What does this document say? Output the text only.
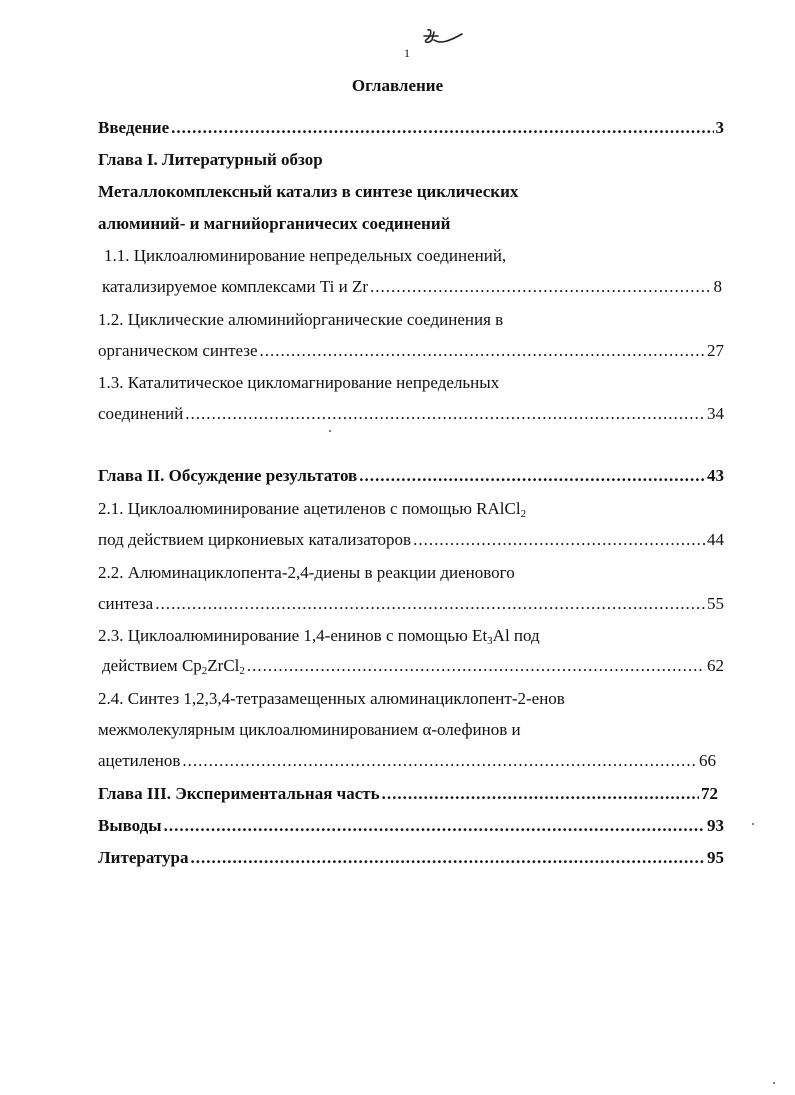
1
Оглавление
Введение .....	3
Глава I. Литературный обзор
Металлокомплексный катализ в синтезе циклических
алюминий- и магнийорганичесих соединений
1.1. Циклоалюминирование непредельных соединений,
катализируемое комплексами Ti и Zr .....	8
1.2. Циклические алюминийорганические соединения в
органическом синтезе .....	27
1.3. Каталитическое цикломагнирование непредельных
соединений .....	34
Глава II. Обсуждение результатов .....	43
2.1. Циклоалюминирование ацетиленов с помощью RAlCl$_2$
под действием циркониевых катализаторов .....	44
2.2. Алюминациклопента-2,4-диены в реакции диенового
синтеза .....	55
2.3. Циклоалюминирование 1,4-енинов с помощью $Et_3Al$ под
действием $Cp_2ZrCl_2$ .....	62
2.4. Синтез 1,2,3,4-тетразамещенных алюминациклопент-2-енов
межмолекулярным циклоалюминированием α-олефинов и
ацетиленов .....	66
Глава III. Экспериментальная часть .....	72
Выводы .....	93
Литература .....	95
